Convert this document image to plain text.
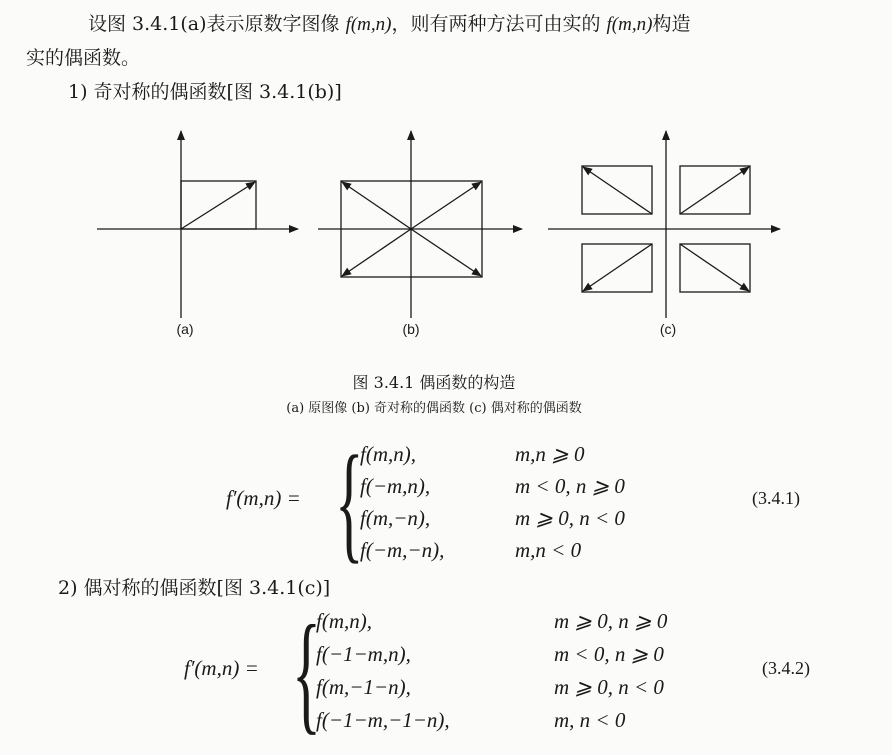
设图 3.4.1(a)表示原数字图像 f(m,n)，则有两种方法可由实的 f(m,n)构造
实的偶函数。
1) 奇对称的偶函数[图 3.4.1(b)]
(a)	(b)	(c)
图 3.4.1 偶函数的构造
(a) 原图像 (b) 奇对称的偶函数 (c) 偶对称的偶函数
f′(m,n) = {
f(m,n),	m,n ⩾ 0
f(−m,n),	m < 0, n ⩾ 0
f(m,−n),	m ⩾ 0, n < 0
f(−m,−n),	m,n < 0
(3.4.1)
2) 偶对称的偶函数[图 3.4.1(c)]
f′(m,n) = {
f(m,n),	m ⩾ 0, n ⩾ 0
f(−1−m,n),	m < 0, n ⩾ 0
f(m,−1−n),	m ⩾ 0, n < 0
f(−1−m,−1−n),	m, n < 0
(3.4.2)
